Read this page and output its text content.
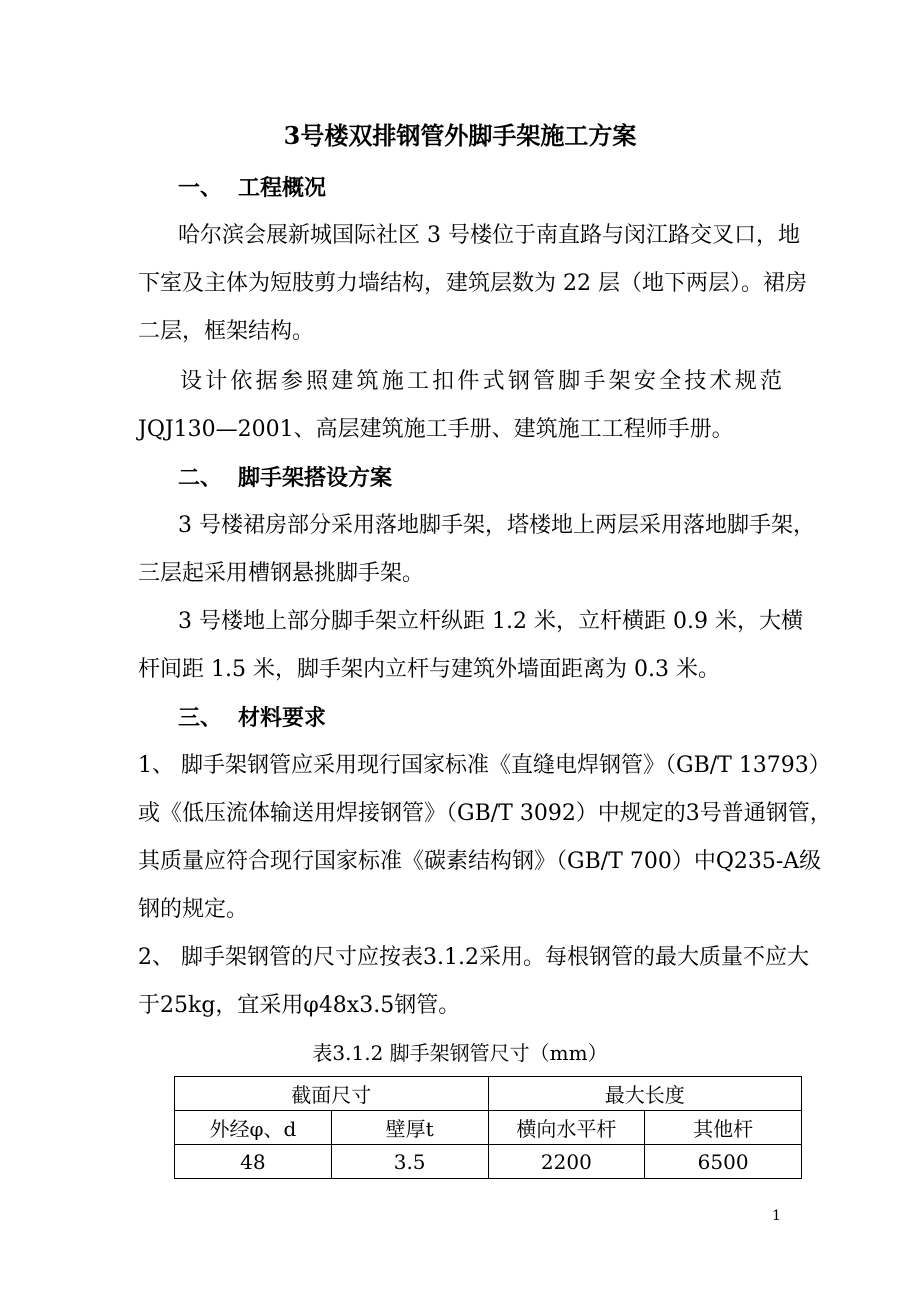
3号楼双排钢管外脚手架施工方案
一、 工程概况
哈尔滨会展新城国际社区 3 号楼位于南直路与闵江路交叉口，地
下室及主体为短肢剪力墙结构，建筑层数为 22 层（地下两层）。裙房
二层，框架结构。
设计依据参照建筑施工扣件式钢管脚手架安全技术规范
JQJ130—2001、高层建筑施工手册、建筑施工工程师手册。
二、 脚手架搭设方案
3 号楼裙房部分采用落地脚手架，塔楼地上两层采用落地脚手架，
三层起采用槽钢悬挑脚手架。
3 号楼地上部分脚手架立杆纵距 1.2 米，立杆横距 0.9 米，大横
杆间距 1.5 米，脚手架内立杆与建筑外墙面距离为 0.3 米。
三、 材料要求
1、 脚手架钢管应采用现行国家标准《直缝电焊钢管》（GB/T 13793）
或《低压流体输送用焊接钢管》（GB/T 3092）中规定的3号普通钢管，
其质量应符合现行国家标准《碳素结构钢》（GB/T 700）中Q235-A级
钢的规定。
2、 脚手架钢管的尺寸应按表3.1.2采用。每根钢管的最大质量不应大
于25kg，宜采用φ48x3.5钢管。
表3.1.2 脚手架钢管尺寸（mm）
截面尺寸		最大长度	
外经φ、d	壁厚t	横向水平杆	其他杆
48	3.5	2200	6500
1
